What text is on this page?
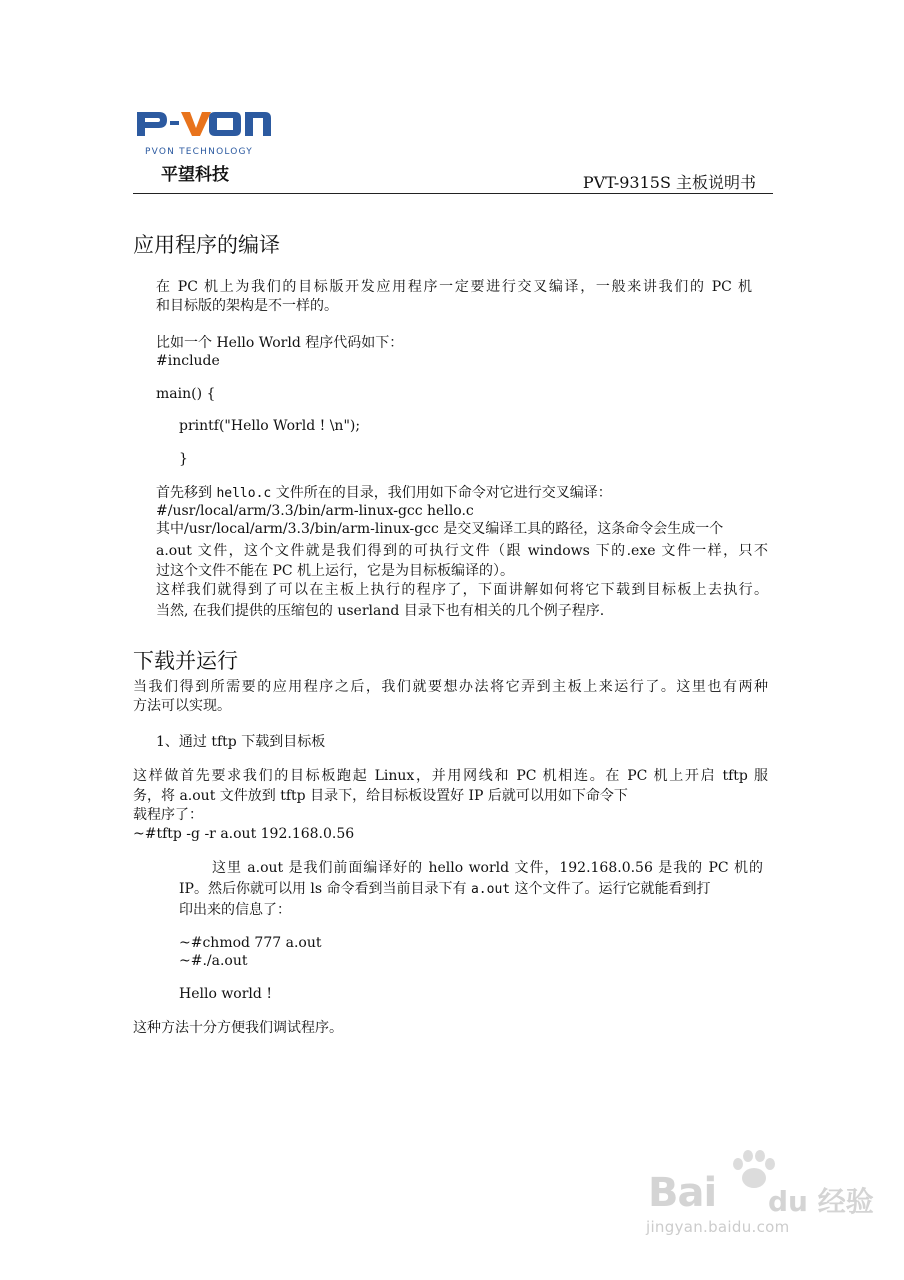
PVON TECHNOLOGY
平望科技	PVT-9315S 主板说明书
应用程序的编译
在 PC 机上为我们的目标版开发应用程序一定要进行交叉编译，一般来讲我们的 PC 机
和目标版的架构是不一样的。
比如一个 Hello World 程序代码如下：
#include
main() {
printf("Hello World ! \n");
}
首先移到 hello.c 文件所在的目录，我们用如下命令对它进行交叉编译：
#/usr/local/arm/3.3/bin/arm-linux-gcc hello.c
其中/usr/local/arm/3.3/bin/arm-linux-gcc 是交叉编译工具的路径，这条命令会生成一个
a.out 文件，这个文件就是我们得到的可执行文件（跟 windows 下的.exe 文件一样，只不
过这个文件不能在 PC 机上运行，它是为目标板编译的）。
这样我们就得到了可以在主板上执行的程序了，下面讲解如何将它下载到目标板上去执行。
当然, 在我们提供的压缩包的 userland 目录下也有相关的几个例子程序.
下载并运行
当我们得到所需要的应用程序之后，我们就要想办法将它弄到主板上来运行了。这里也有两种
方法可以实现。
1、通过 tftp 下载到目标板
这样做首先要求我们的目标板跑起 Linux，并用网线和 PC 机相连。在 PC 机上开启 tftp 服
务，将 a.out 文件放到 tftp 目录下，给目标板设置好 IP 后就可以用如下命令下
载程序了：
~#tftp -g -r a.out 192.168.0.56
这里 a.out 是我们前面编译好的 hello world 文件，192.168.0.56 是我的 PC 机的
IP。然后你就可以用 ls 命令看到当前目录下有 a.out 这个文件了。运行它就能看到打
印出来的信息了：
~#chmod 777 a.out
~#./a.out
Hello world !
这种方法十分方便我们调试程序。
Bai du 经验
jingyan.baidu.com
